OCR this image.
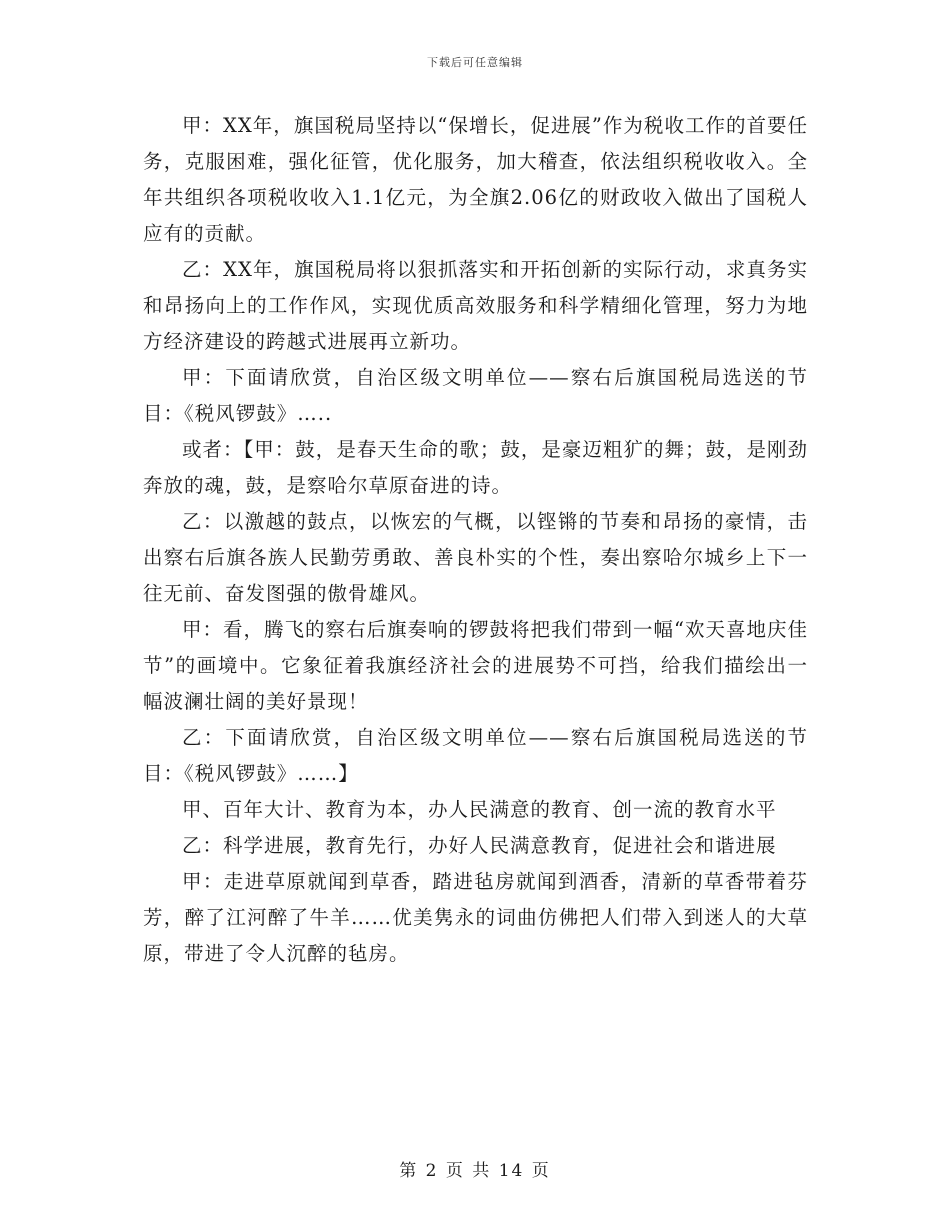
下载后可任意编辑

甲：XX年，旗国税局坚持以“保增长，促进展”作为税收工作的首要任务，克服困难，强化征管，优化服务，加大稽查，依法组织税收收入。全年共组织各项税收收入1.1亿元，为全旗2.06亿的财政收入做出了国税人应有的贡献。

乙：XX年，旗国税局将以狠抓落实和开拓创新的实际行动，求真务实和昂扬向上的工作作风，实现优质高效服务和科学精细化管理，努力为地方经济建设的跨越式进展再立新功。

甲：下面请欣赏，自治区级文明单位——察右后旗国税局选送的节目：《税风锣鼓》…..

或者：【甲：鼓，是春天生命的歌；鼓，是豪迈粗犷的舞；鼓，是刚劲奔放的魂，鼓，是察哈尔草原奋进的诗。

乙：以激越的鼓点，以恢宏的气概，以铿锵的节奏和昂扬的豪情，击出察右后旗各族人民勤劳勇敢、善良朴实的个性，奏出察哈尔城乡上下一往无前、奋发图强的傲骨雄风。

甲：看，腾飞的察右后旗奏响的锣鼓将把我们带到一幅“欢天喜地庆佳节”的画境中。它象征着我旗经济社会的进展势不可挡，给我们描绘出一幅波澜壮阔的美好景现！

乙：下面请欣赏，自治区级文明单位——察右后旗国税局选送的节目：《税风锣鼓》……】

甲、百年大计、教育为本，办人民满意的教育、创一流的教育水平

乙：科学进展，教育先行，办好人民满意教育，促进社会和谐进展

甲：走进草原就闻到草香，踏进毡房就闻到酒香，清新的草香带着芬芳，醉了江河醉了牛羊……优美隽永的词曲仿佛把人们带入到迷人的大草原，带进了令人沉醉的毡房。

第 2 页 共 14 页
